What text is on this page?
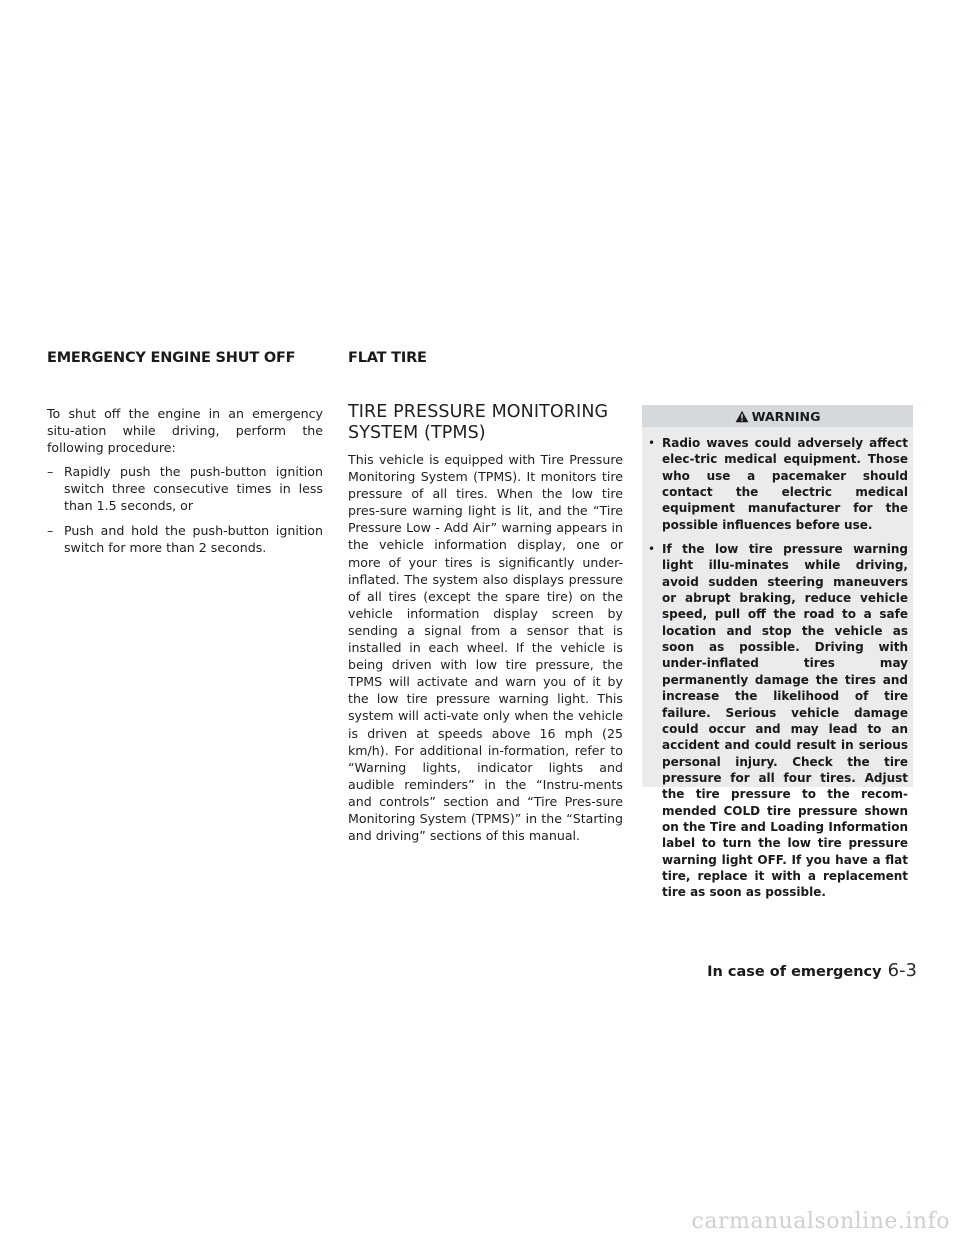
EMERGENCY ENGINE SHUT OFF	FLAT TIRE

To shut off the engine in an emergency situ-ation while driving, perform the following procedure:

– Rapidly push the push-button ignition switch three consecutive times in less than 1.5 seconds, or
– Push and hold the push-button ignition switch for more than 2 seconds.
TIRE PRESSURE MONITORING SYSTEM (TPMS)

This vehicle is equipped with Tire Pressure Monitoring System (TPMS). It monitors tire pressure of all tires. When the low tire pres-sure warning light is lit, and the “Tire Pressure Low - Add Air” warning appears in the vehicle information display, one or more of your tires is significantly under-inflated. The system also displays pressure of all tires (except the spare tire) on the vehicle information display screen by sending a signal from a sensor that is installed in each wheel. If the vehicle is being driven with low tire pressure, the TPMS will activate and warn you of it by the low tire pressure warning light. This system will acti-vate only when the vehicle is driven at speeds above 16 mph (25 km/h). For additional in-formation, refer to “Warning lights, indicator lights and audible reminders” in the “Instru-ments and controls” section and “Tire Pres-sure Monitoring System (TPMS)” in the “Starting and driving” sections of this manual.

WARNING
• Radio waves could adversely affect elec-tric medical equipment. Those who use a pacemaker should contact the electric medical equipment manufacturer for the possible influences before use.
• If the low tire pressure warning light illu-minates while driving, avoid sudden steering maneuvers or abrupt braking, reduce vehicle speed, pull off the road to a safe location and stop the vehicle as soon as possible. Driving with under-inflated tires may permanently damage the tires and increase the likelihood of tire failure. Serious vehicle damage could occur and may lead to an accident and could result in serious personal injury. Check the tire pressure for all four tires. Adjust the tire pressure to the recom-mended COLD tire pressure shown on the Tire and Loading Information label to turn the low tire pressure warning light OFF. If you have a flat tire, replace it with a replacement tire as soon as possible.
In case of emergency 6-3
carmanualsonline.info
